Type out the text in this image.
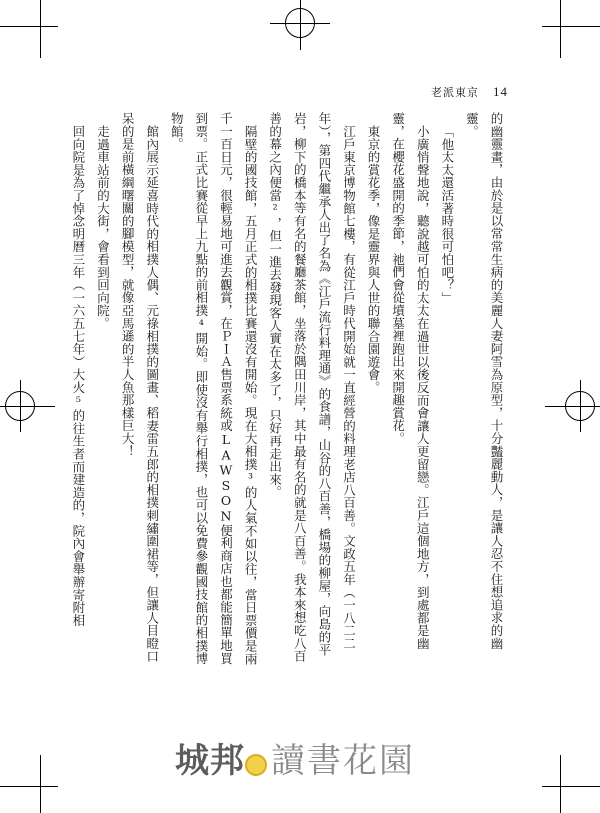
老派東京 14

的幽靈畫，由於是以常常生病的美麗人妻阿雪為原型，十分豔麗動人，是讓人忍不住想追求的幽靈。

「他太太還活著時很可怕吧？」

小廣悄聲地說，聽說越可怕的太太在過世以後反而會讓人更留戀。江戶這個地方，到處都是幽靈，在櫻花盛開的季節，祂們會從墳墓裡跑出來開趣賞花。

東京的賞花季，像是靈界與人世的聯合園遊會。

江戶東京博物館七樓，有從江戶時代開始就一直經營的料理老店八百善。文政五年（一八二二年），第四代繼承人出了名為《江戶流行料理通》的食譜，山谷的八百善，橋場的柳屋，向島的平岩，柳下的橋本等有名的餐廳茶館，坐落於隅田川岸，其中最有名的就是八百善。我本來想吃八百善的幕之內便當²，但一進去發現客人實在太多了，只好再走出來。

隔壁的國技館，五月正式的相撲比賽還沒有開始。現在大相撲³的人氣不如以往，當日票價是兩千一百日元，很輕易地可進去觀賞，在ＰＩＡ售票系統或LAWSON便利商店也都能簡單地買到票。正式比賽從早上九點的前相撲⁴開始。即使沒有舉行相撲，也可以免費參觀國技館的相撲博物館。

館內展示延喜時代的相撲人偶、元祿相撲的圖畫、稻妻雷五郎的相撲刺繡圍裙等，但讓人目瞪口呆的是前橫綱曙關的腳模型，就像亞馬遜的半人魚那樣巨大！

走過車站前的大街，會看到回向院。

回向院是為了悼念明曆三年（一六五七年）大火⁵的往生者而建造的，院內會舉辦寄附相

城邦 讀書花園
